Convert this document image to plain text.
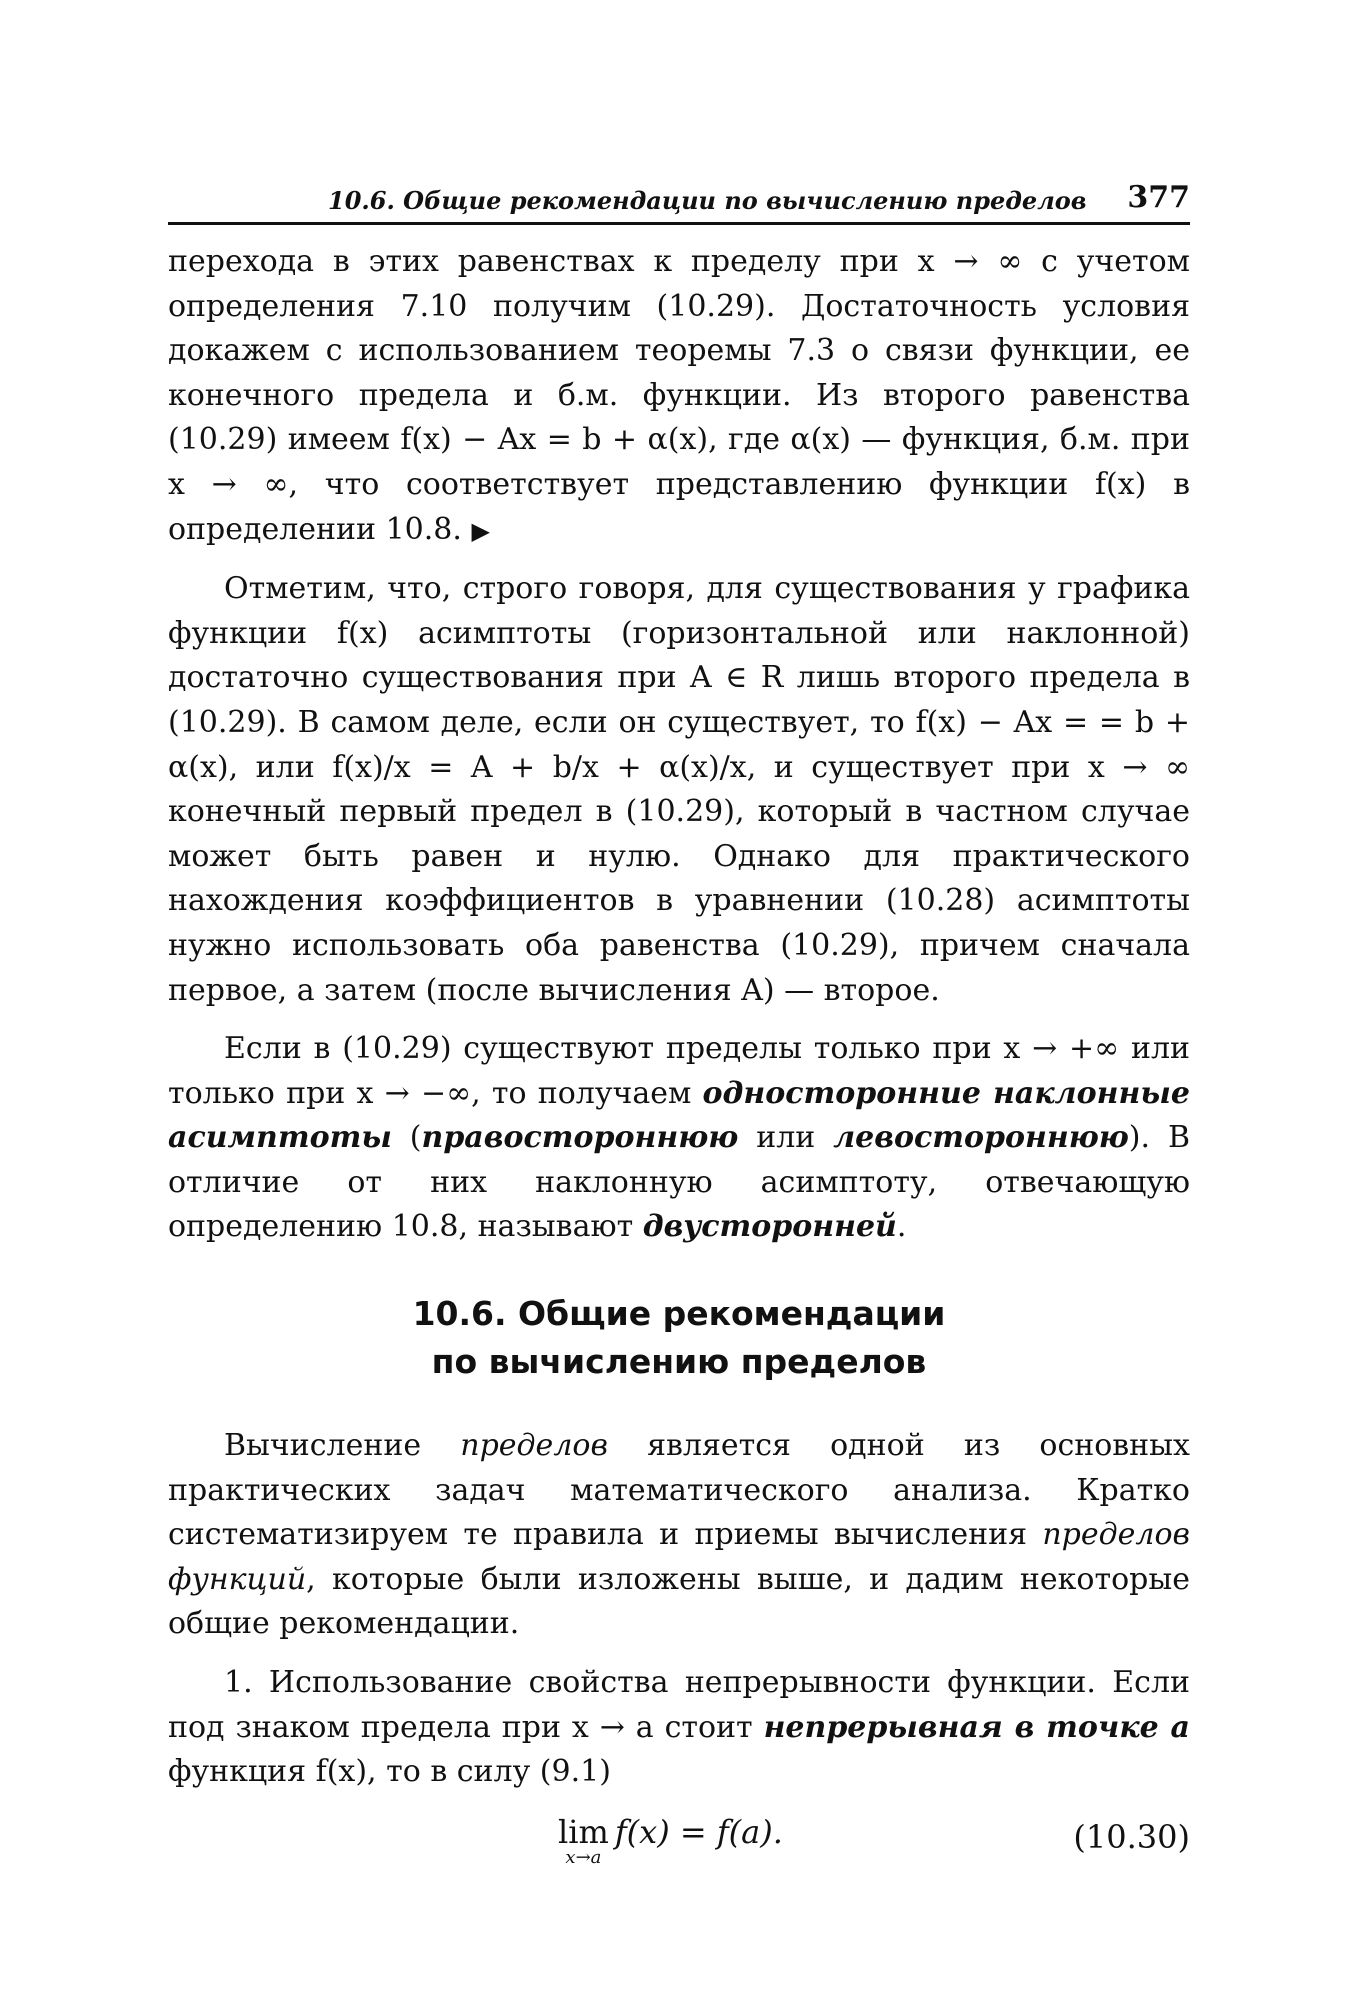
10.6. Общие рекомендации по вычислению пределов 377

перехода в этих равенствах к пределу при x → ∞ с учетом определения 7.10 получим (10.29). Достаточность условия докажем с использованием теоремы 7.3 о связи функции, ее конечного предела и б.м. функции. Из второго равенства (10.29) имеем f(x) − Ax = b + α(x), где α(x) — функция, б.м. при x → ∞, что соответствует представлению функции f(x) в определении 10.8. ▶

Отметим, что, строго говоря, для существования у графика функции f(x) асимптоты (горизонтальной или наклонной) достаточно существования при A ∈ R лишь второго предела в (10.29). В самом деле, если он существует, то f(x) − Ax = = b + α(x), или f(x)/x = A + b/x + α(x)/x, и существует при x → ∞ конечный первый предел в (10.29), который в частном случае может быть равен и нулю. Однако для практического нахождения коэффициентов в уравнении (10.28) асимптоты нужно использовать оба равенства (10.29), причем сначала первое, а затем (после вычисления A) — второе.

Если в (10.29) существуют пределы только при x → +∞ или только при x → −∞, то получаем односторонние наклонные асимптоты (правостороннюю или левостороннюю). В отличие от них наклонную асимптоту, отвечающую определению 10.8, называют двусторонней.

10.6. Общие рекомендации
по вычислению пределов

Вычисление пределов является одной из основных практических задач математического анализа. Кратко систематизируем те правила и приемы вычисления пределов функций, которые были изложены выше, и дадим некоторые общие рекомендации.

1. Использование свойства непрерывности функции. Если под знаком предела при x → a стоит непрерывная в точке a функция f(x), то в силу (9.1)

lim
x→a
f(x) = f(a).	(10.30)
